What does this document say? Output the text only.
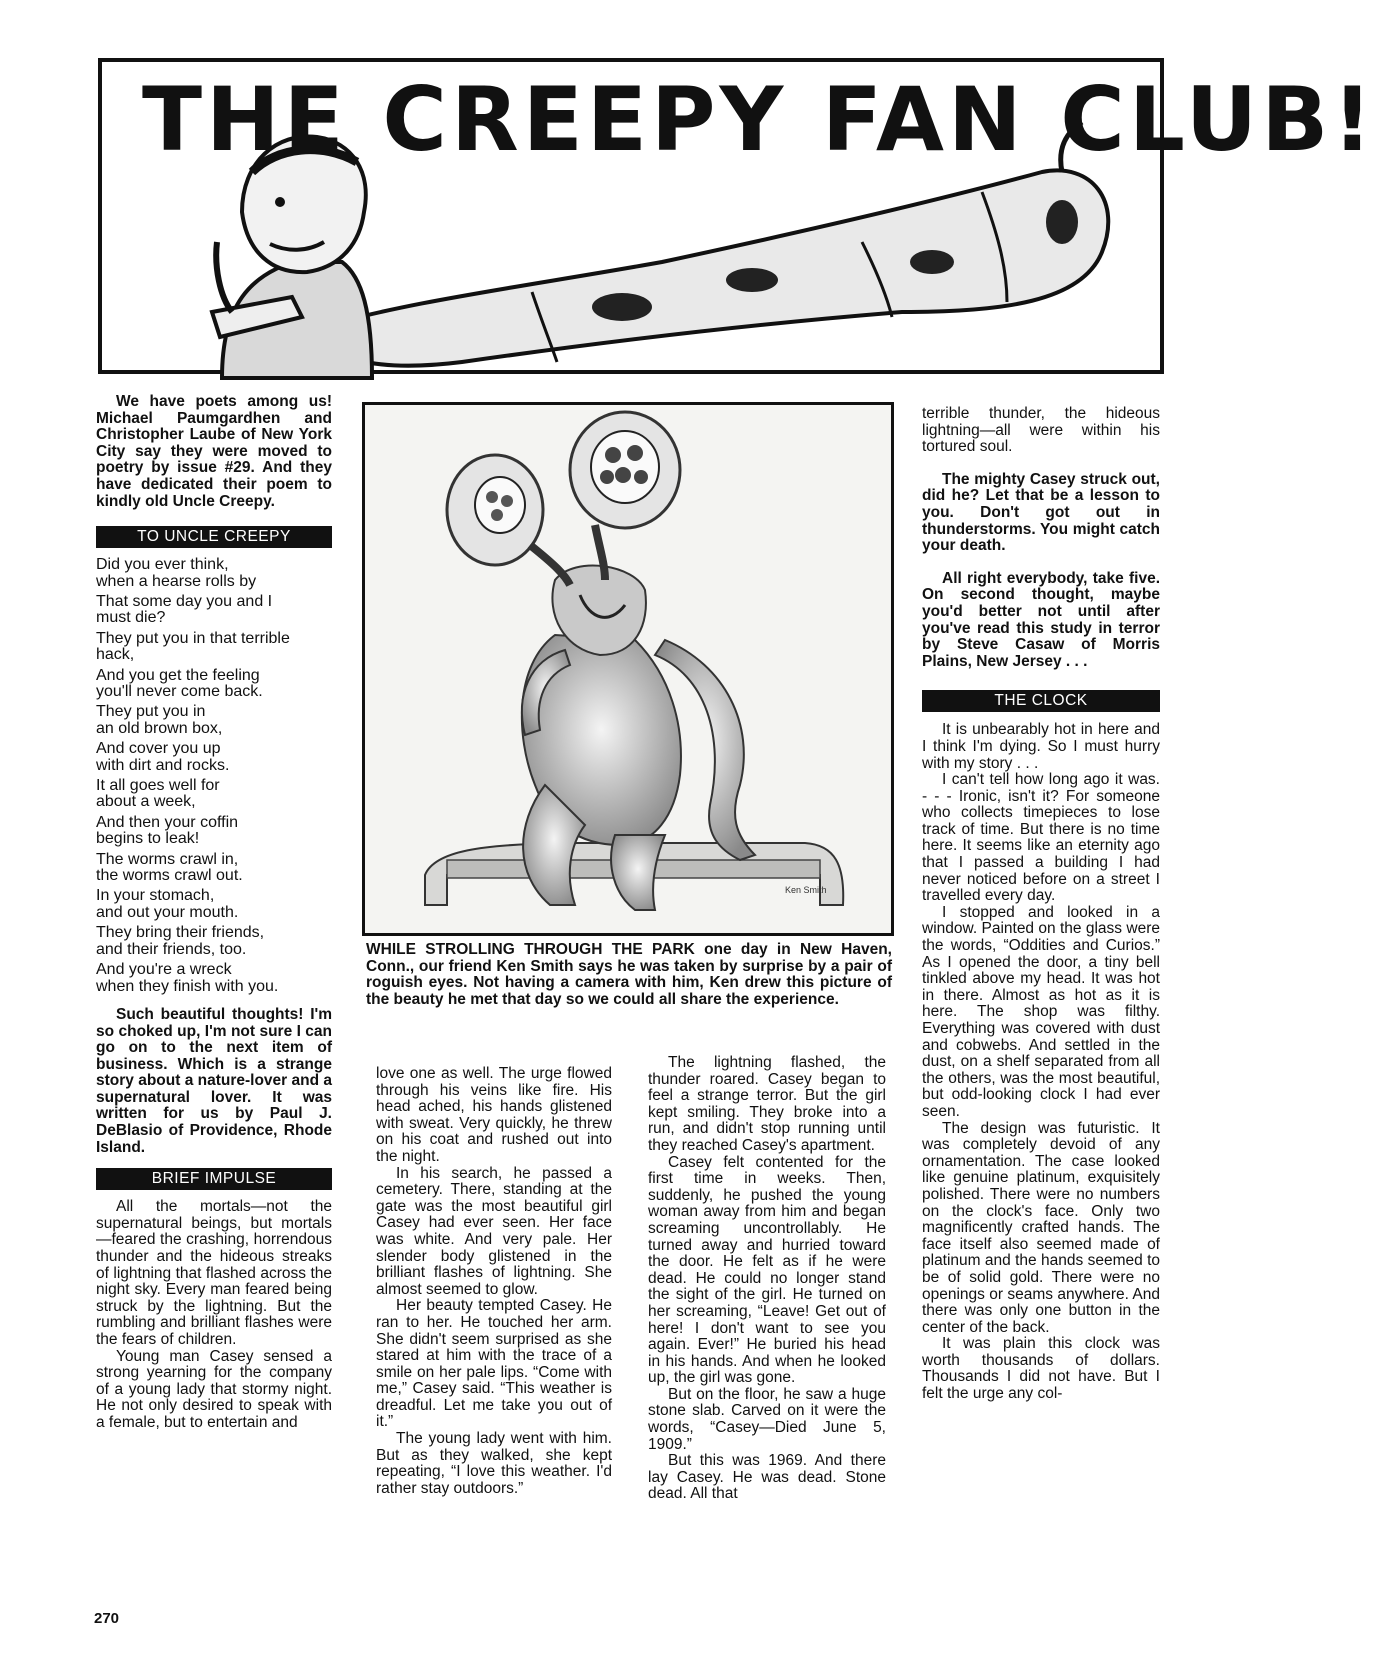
THE CREEPY FAN CLUB!

We have poets among us! Michael Paumgardhen and Christopher Laube of New York City say they were moved to poetry by issue #29. And they have dedicated their poem to kindly old Uncle Creepy.

TO UNCLE CREEPY

Did you ever think,

when a hearse rolls by

That some day you and I

must die?

They put you in that terrible

hack,

And you get the feeling

you'll never come back.

They put you in

an old brown box,

And cover you up

with dirt and rocks.

It all goes well for

about a week,

And then your coffin

begins to leak!

The worms crawl in,

the worms crawl out.

In your stomach,

and out your mouth.

They bring their friends,

and their friends, too.

And you're a wreck

when they finish with you.

Such beautiful thoughts! I'm so choked up, I'm not sure I can go on to the next item of business. Which is a strange story about a nature-lover and a supernatural lover. It was written for us by Paul J. DeBlasio of Providence, Rhode Island.

BRIEF IMPULSE

All the mortals—not the supernatural beings, but mortals—feared the crashing, horrendous thunder and the hideous streaks of lightning that flashed across the night sky. Every man feared being struck by the lightning. But the rumbling and brilliant flashes were the fears of children.

Young man Casey sensed a strong yearning for the company of a young lady that stormy night. He not only desired to speak with a female, but to entertain and

Ken Smith
WHILE STROLLING THROUGH THE PARK one day in New Haven, Conn., our friend Ken Smith says he was taken by surprise by a pair of roguish eyes. Not having a camera with him, Ken drew this picture of the beauty he met that day so we could all share the experience.

love one as well. The urge flowed through his veins like fire. His head ached, his hands glistened with sweat. Very quickly, he threw on his coat and rushed out into the night.

In his search, he passed a cemetery. There, standing at the gate was the most beautiful girl Casey had ever seen. Her face was white. And very pale. Her slender body glistened in the brilliant flashes of lightning. She almost seemed to glow.

Her beauty tempted Casey. He ran to her. He touched her arm. She didn't seem surprised as she stared at him with the trace of a smile on her pale lips. “Come with me,” Casey said. “This weather is dreadful. Let me take you out of it.”

The young lady went with him. But as they walked, she kept repeating, “I love this weather. I'd rather stay outdoors.”

The lightning flashed, the thunder roared. Casey began to feel a strange terror. But the girl kept smiling. They broke into a run, and didn't stop running until they reached Casey's apartment.

Casey felt contented for the first time in weeks. Then, suddenly, he pushed the young woman away from him and began screaming uncontrollably. He turned away and hurried toward the door. He felt as if he were dead. He could no longer stand the sight of the girl. He turned on her screaming, “Leave! Get out of here! I don't want to see you again. Ever!” He buried his head in his hands. And when he looked up, the girl was gone.

But on the floor, he saw a huge stone slab. Carved on it were the words, “Casey—Died June 5, 1909.”

But this was 1969. And there lay Casey. He was dead. Stone dead. All that

terrible thunder, the hideous lightning—all were within his tortured soul.

The mighty Casey struck out, did he? Let that be a lesson to you. Don't got out in thunderstorms. You might catch your death.

All right everybody, take five. On second thought, maybe you'd better not until after you've read this study in terror by Steve Casaw of Morris Plains, New Jersey . . .

THE CLOCK

It is unbearably hot in here and I think I'm dying. So I must hurry with my story . . .

I can't tell how long ago it was. - - - Ironic, isn't it? For someone who collects timepieces to lose track of time. But there is no time here. It seems like an eternity ago that I passed a building I had never noticed before on a street I travelled every day.

I stopped and looked in a window. Painted on the glass were the words, “Oddities and Curios.” As I opened the door, a tiny bell tinkled above my head. It was hot in there. Almost as hot as it is here. The shop was filthy. Everything was covered with dust and cobwebs. And settled in the dust, on a shelf separated from all the others, was the most beautiful, but odd-looking clock I had ever seen.

The design was futuristic. It was completely devoid of any ornamentation. The case looked like genuine platinum, exquisitely polished. There were no numbers on the clock's face. Only two magnificently crafted hands. The face itself also seemed made of platinum and the hands seemed to be of solid gold. There were no openings or seams anywhere. And there was only one button in the center of the back.

It was plain this clock was worth thousands of dollars. Thousands I did not have. But I felt the urge any col-

270
